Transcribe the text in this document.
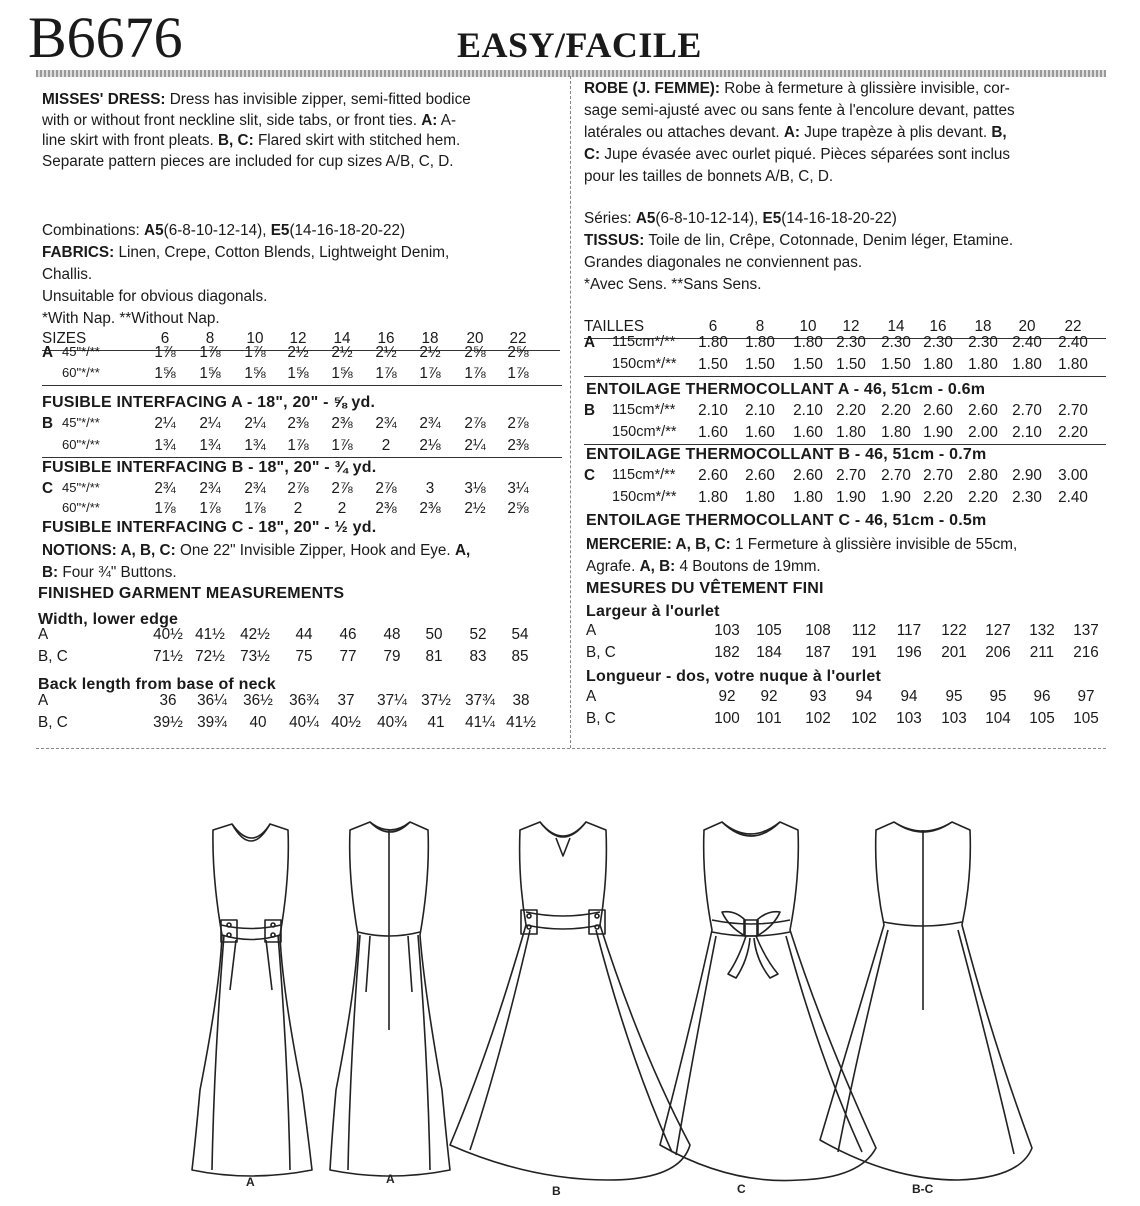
B6676	EASY/FACILE

MISSES' DRESS: Dress has invisible zipper, semi-fitted bodice

with or without front neckline slit, side tabs, or front ties. A: A-

line skirt with front pleats. B, C: Flared skirt with stitched hem.

Separate pattern pieces are included for cup sizes A/B, C, D.

Combinations: A5(6-8-10-12-14), E5(14-16-18-20-22)

FABRICS: Linen, Crepe, Cotton Blends, Lightweight Denim,

Challis.

Unsuitable for obvious diagonals.

*With Nap. **Without Nap.

SIZES	6	8	10	12	14	16	18	20	22
A 45"*/**	1⅞	1⅞	1⅞	2½	2½	2½	2½	2⅝	2⅝
60"*/**	1⅝	1⅝	1⅝	1⅝	1⅝	1⅞	1⅞	1⅞	1⅞
B 45"*/**	2¼	2¼	2¼	2⅜	2⅜	2¾	2¾	2⅞	2⅞
60"*/**	1¾	1¾	1¾	1⅞	1⅞	2	2⅛	2¼	2⅜
C 45"*/**	2¾	2¾	2¾	2⅞	2⅞	2⅞	3	3⅛	3¼
60"*/**	1⅞	1⅞	1⅞	2	2	2⅜	2⅜	2½	2⅝
FUSIBLE INTERFACING A - 18", 20" - ⅝ yd.
FUSIBLE INTERFACING B - 18", 20" - ¾ yd.
FUSIBLE INTERFACING C - 18", 20" - ½ yd.

NOTIONS: A, B, C: One 22" Invisible Zipper, Hook and Eye. A,

B: Four ¾" Buttons.

FINISHED GARMENT MEASUREMENTS
Width, lower edge
A	40½ 41½ 42½	44	46	48	50	52	54
B, C	71½ 72½ 73½	75	77	79	81	83	85
Back length from base of neck
A	36	36¼	36½	36¾	37	37¼ 37½ 37¾	38
B, C	39½ 39¾	40	40¼ 40½	40¾	41	41¼ 41½

ROBE (J. FEMME): Robe à fermeture à glissière invisible, cor-

sage semi-ajusté avec ou sans fente à l'encolure devant, pattes

latérales ou attaches devant. A: Jupe trapèze à plis devant. B,

C: Jupe évasée avec ourlet piqué. Pièces séparées sont inclus

pour les tailles de bonnets A/B, C, D.

Séries: A5(6-8-10-12-14), E5(14-16-18-20-22)

TISSUS: Toile de lin, Crêpe, Cotonnade, Denim léger, Etamine.

Grandes diagonales ne conviennent pas.

*Avec Sens. **Sans Sens.

TAILLES	6	8	10	12	14	16	18	20	22
A 115cm*/**	1.80	1.80	1.80 2.30 2.30 2.30 2.30 2.40	2.40
150cm*/**	1.50	1.50	1.50 1.50 1.50 1.80 1.80 1.80	1.80
B 115cm*/**	2.10	2.10	2.10 2.20 2.20 2.60 2.60 2.70	2.70
150cm*/**	1.60	1.60	1.60 1.80 1.80 1.90 2.00 2.10	2.20
C 115cm*/**	2.60	2.60	2.60 2.70 2.70 2.70 2.80 2.90	3.00
150cm*/**	1.80	1.80	1.80 1.90 1.90 2.20 2.20 2.30	2.40
ENTOILAGE THERMOCOLLANT A - 46, 51cm - 0.6m
ENTOILAGE THERMOCOLLANT B - 46, 51cm - 0.7m
ENTOILAGE THERMOCOLLANT C - 46, 51cm - 0.5m

MERCERIE: A, B, C: 1 Fermeture à glissière invisible de 55cm,

Agrafe. A, B: 4 Boutons de 19mm.

MESURES DU VÊTEMENT FINI
Largeur à l'ourlet
A	103	105	108	112	117	122	127	132	137
B, C	182	184	187	191	196	201	206	211	216
Longueur - dos, votre nuque à l'ourlet
A	92	92	93	94	94	95	95	96	97
B, C	100	101	102	102	103	103	104	105	105
A	A
B	C	B-C
